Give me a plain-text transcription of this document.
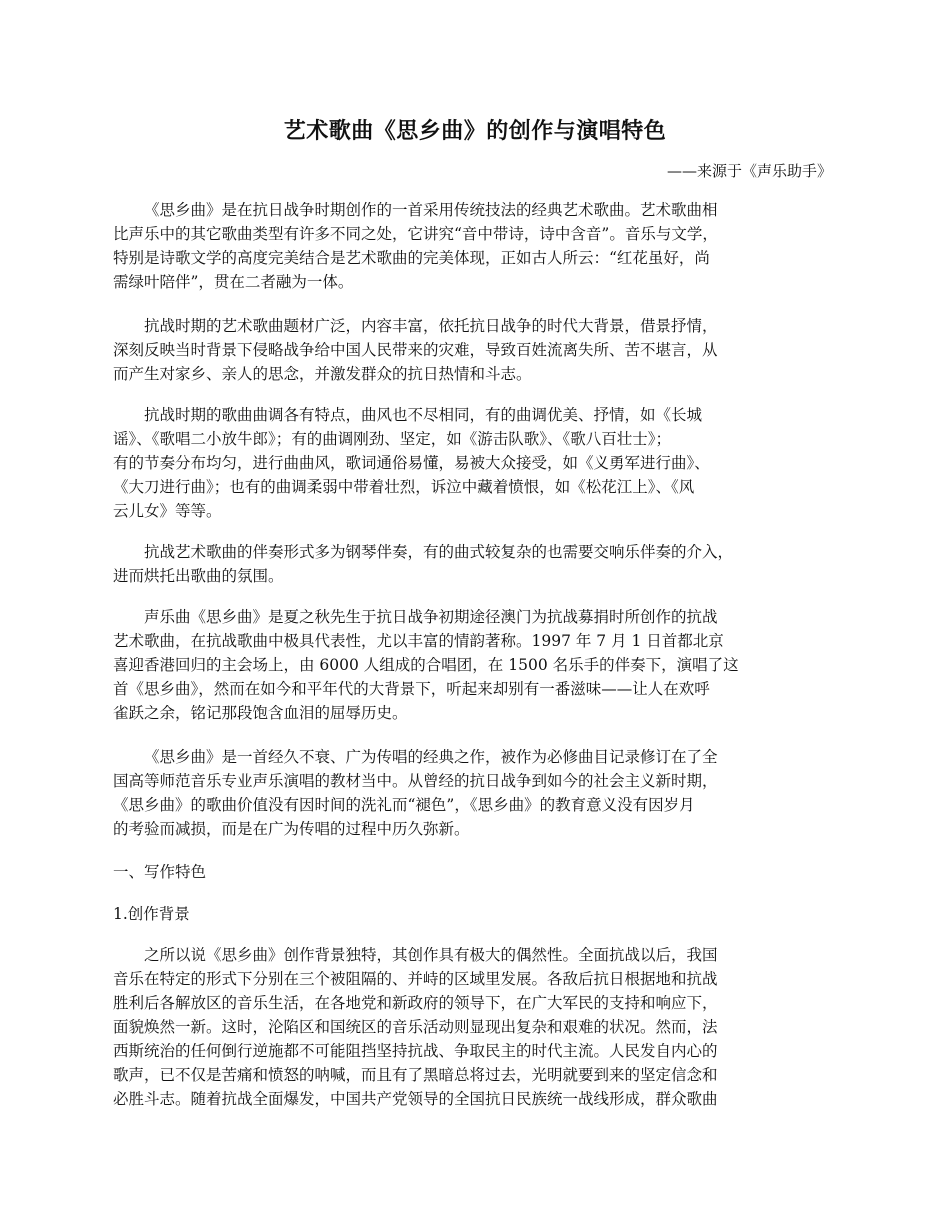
艺术歌曲《思乡曲》的创作与演唱特色
——来源于《声乐助手》
《思乡曲》是在抗日战争时期创作的一首采用传统技法的经典艺术歌曲。艺术歌曲相
比声乐中的其它歌曲类型有许多不同之处，它讲究“音中带诗，诗中含音”。音乐与文学，
特别是诗歌文学的高度完美结合是艺术歌曲的完美体现，正如古人所云：“红花虽好，尚
需绿叶陪伴”，贯在二者融为一体。
抗战时期的艺术歌曲题材广泛，内容丰富，依托抗日战争的时代大背景，借景抒情，
深刻反映当时背景下侵略战争给中国人民带来的灾难，导致百姓流离失所、苦不堪言，从
而产生对家乡、亲人的思念，并激发群众的抗日热情和斗志。
抗战时期的歌曲曲调各有特点，曲风也不尽相同，有的曲调优美、抒情，如《长城
谣》、《歌唱二小放牛郎》；有的曲调刚劲、坚定，如《游击队歌》、《歌八百壮士》；
有的节奏分布均匀，进行曲曲风，歌词通俗易懂，易被大众接受，如《义勇军进行曲》、
《大刀进行曲》；也有的曲调柔弱中带着壮烈，诉泣中藏着愤恨，如《松花江上》、《风
云儿女》等等。
抗战艺术歌曲的伴奏形式多为钢琴伴奏，有的曲式较复杂的也需要交响乐伴奏的介入，
进而烘托出歌曲的氛围。
声乐曲《思乡曲》是夏之秋先生于抗日战争初期途径澳门为抗战募捐时所创作的抗战
艺术歌曲，在抗战歌曲中极具代表性，尤以丰富的情韵著称。1997 年 7 月 1 日首都北京
喜迎香港回归的主会场上，由 6000 人组成的合唱团，在 1500 名乐手的伴奏下，演唱了这
首《思乡曲》，然而在如今和平年代的大背景下，听起来却别有一番滋味——让人在欢呼
雀跃之余，铭记那段饱含血泪的屈辱历史。
《思乡曲》是一首经久不衰、广为传唱的经典之作，被作为必修曲目记录修订在了全
国高等师范音乐专业声乐演唱的教材当中。从曾经的抗日战争到如今的社会主义新时期，
《思乡曲》的歌曲价值没有因时间的洗礼而“褪色”，《思乡曲》的教育意义没有因岁月
的考验而减损，而是在广为传唱的过程中历久弥新。
一、写作特色
1.创作背景
之所以说《思乡曲》创作背景独特，其创作具有极大的偶然性。全面抗战以后，我国
音乐在特定的形式下分别在三个被阻隔的、并峙的区域里发展。各敌后抗日根据地和抗战
胜利后各解放区的音乐生活，在各地党和新政府的领导下，在广大军民的支持和响应下，
面貌焕然一新。这时，沦陷区和国统区的音乐活动则显现出复杂和艰难的状况。然而，法
西斯统治的任何倒行逆施都不可能阻挡坚持抗战、争取民主的时代主流。人民发自内心的
歌声，已不仅是苦痛和愤怒的呐喊，而且有了黑暗总将过去，光明就要到来的坚定信念和
必胜斗志。随着抗战全面爆发，中国共产党领导的全国抗日民族统一战线形成，群众歌曲
